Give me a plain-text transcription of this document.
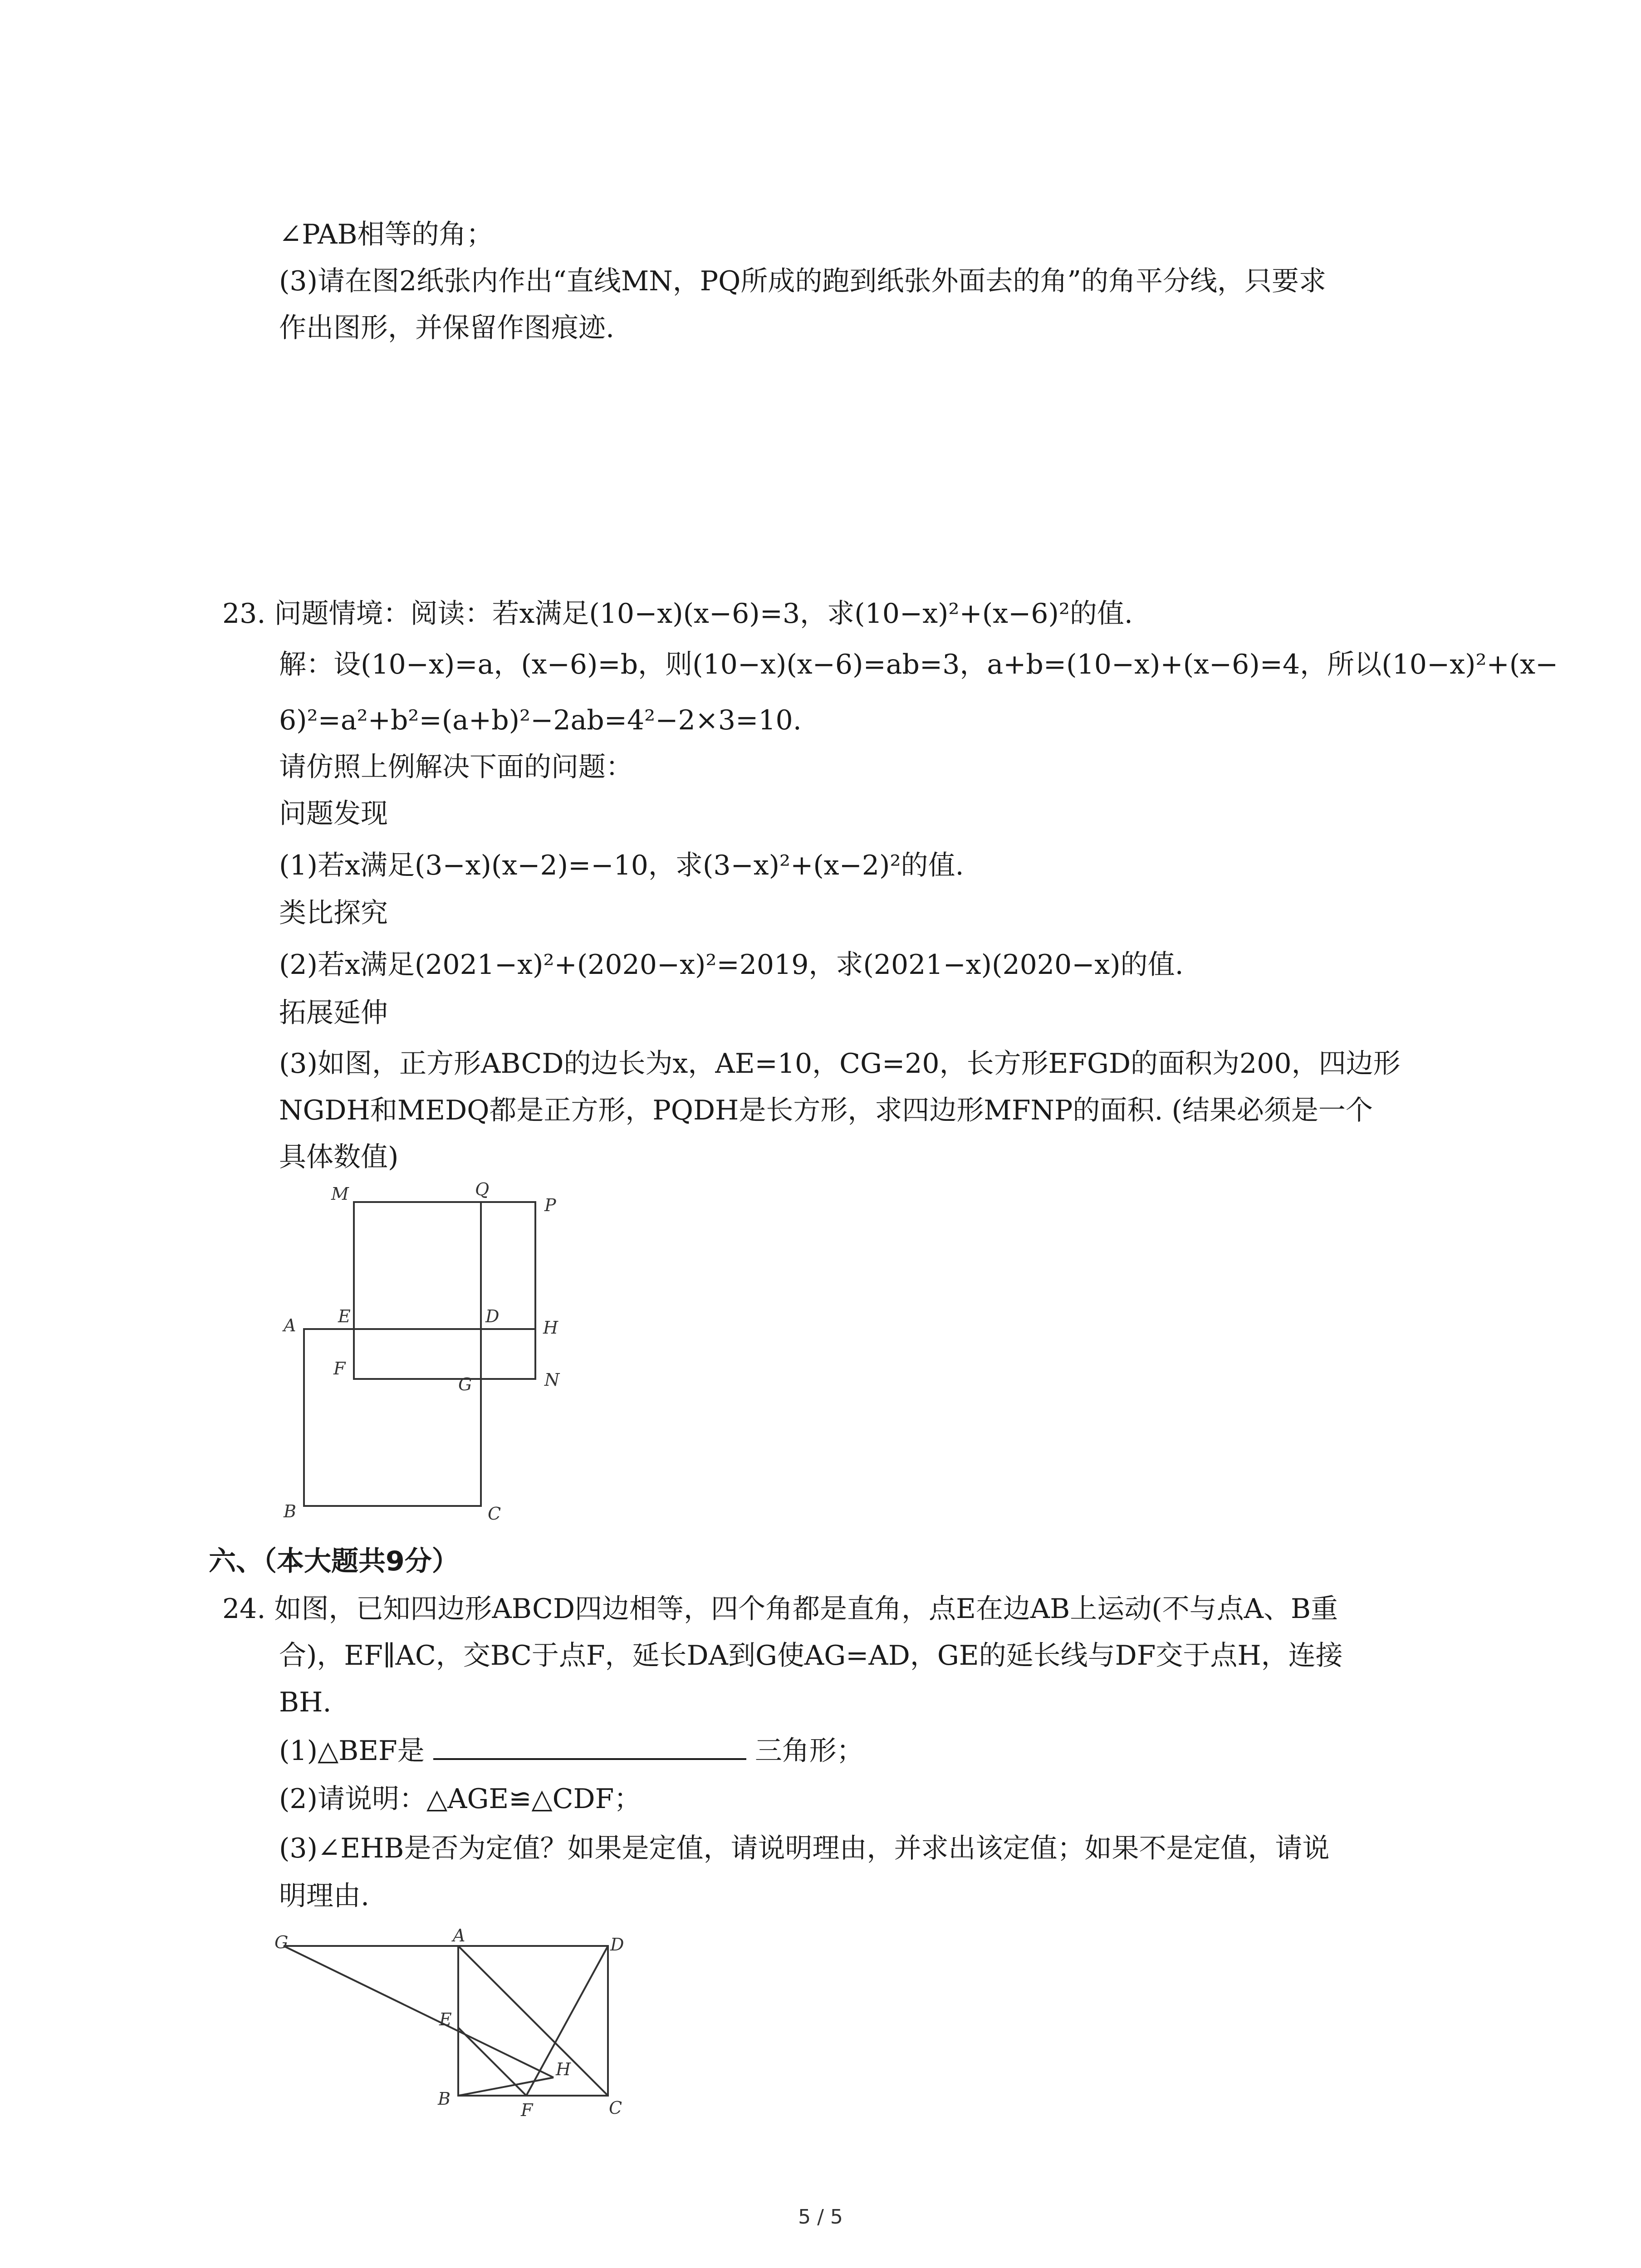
∠PAB相等的角；
(3)请在图2纸张内作出“直线MN，PQ所成的跑到纸张外面去的角”的角平分线，只要求
作出图形，并保留作图痕迹.
23. 问题情境：阅读：若x满足(10−x)(x−6)=3，求(10−x)²+(x−6)²的值.
解：设(10−x)=a，(x−6)=b，则(10−x)(x−6)=ab=3，a+b=(10−x)+(x−6)=4，所以(10−x)²+(x−
6)²=a²+b²=(a+b)²−2ab=4²−2×3=10.
请仿照上例解决下面的问题：
问题发现
(1)若x满足(3−x)(x−2)=−10，求(3−x)²+(x−2)²的值.
类比探究
(2)若x满足(2021−x)²+(2020−x)²=2019，求(2021−x)(2020−x)的值.
拓展延伸
(3)如图，正方形ABCD的边长为x，AE=10，CG=20，长方形EFGD的面积为200，四边形
NGDH和MEDQ都是正方形，PQDH是长方形，求四边形MFNP的面积. (结果必须是一个
具体数值)
M	Q
P
A E	D
H
F
G	N
B	C
六、（本大题共9分）
24. 如图，已知四边形ABCD四边相等，四个角都是直角，点E在边AB上运动(不与点A、B重
合)，EF∥AC，交BC于点F，延长DA到G使AG=AD，GE的延长线与DF交于点H，连接
BH.
(1)△BEF是	三角形；
(2)请说明：△AGE≌△CDF；
(3)∠EHB是否为定值？如果是定值，请说明理由，并求出该定值；如果不是定值，请说
明理由.
G	A	D
E
H
B
F	C
5 / 5
